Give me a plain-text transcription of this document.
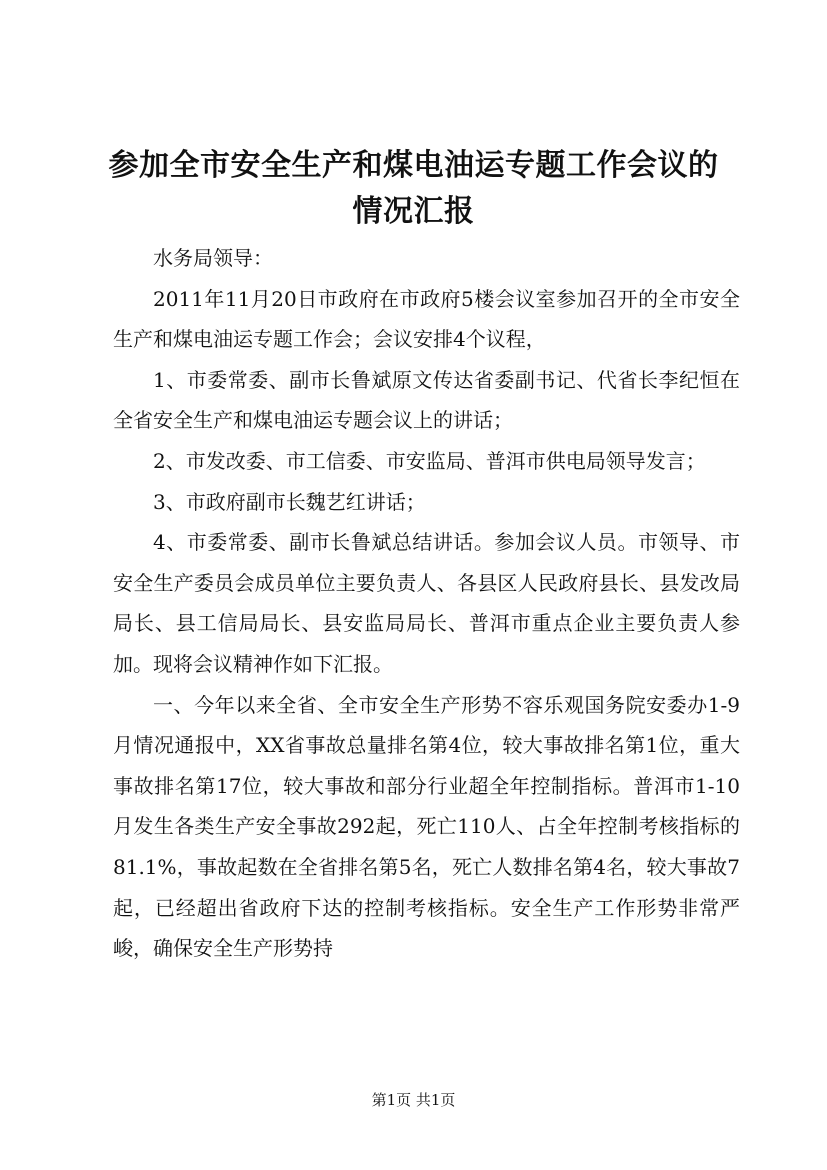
参加全市安全生产和煤电油运专题工作会议的情况汇报

水务局领导：

2011年11月20日市政府在市政府5楼会议室参加召开的全市安全生产和煤电油运专题工作会；会议安排4个议程，

1、市委常委、副市长鲁斌原文传达省委副书记、代省长李纪恒在全省安全生产和煤电油运专题会议上的讲话；

2、市发改委、市工信委、市安监局、普洱市供电局领导发言；

3、市政府副市长魏艺红讲话；

4、市委常委、副市长鲁斌总结讲话。参加会议人员。市领导、市安全生产委员会成员单位主要负责人、各县区人民政府县长、县发改局局长、县工信局局长、县安监局局长、普洱市重点企业主要负责人参加。现将会议精神作如下汇报。

一、今年以来全省、全市安全生产形势不容乐观国务院安委办1-9月情况通报中，XX省事故总量排名第4位，较大事故排名第1位，重大事故排名第17位，较大事故和部分行业超全年控制指标。普洱市1-10月发生各类生产安全事故292起，死亡110人、占全年控制考核指标的81.1%，事故起数在全省排名第5名，死亡人数排名第4名，较大事故7起，已经超出省政府下达的控制考核指标。安全生产工作形势非常严峻，确保安全生产形势持

第1页 共1页
